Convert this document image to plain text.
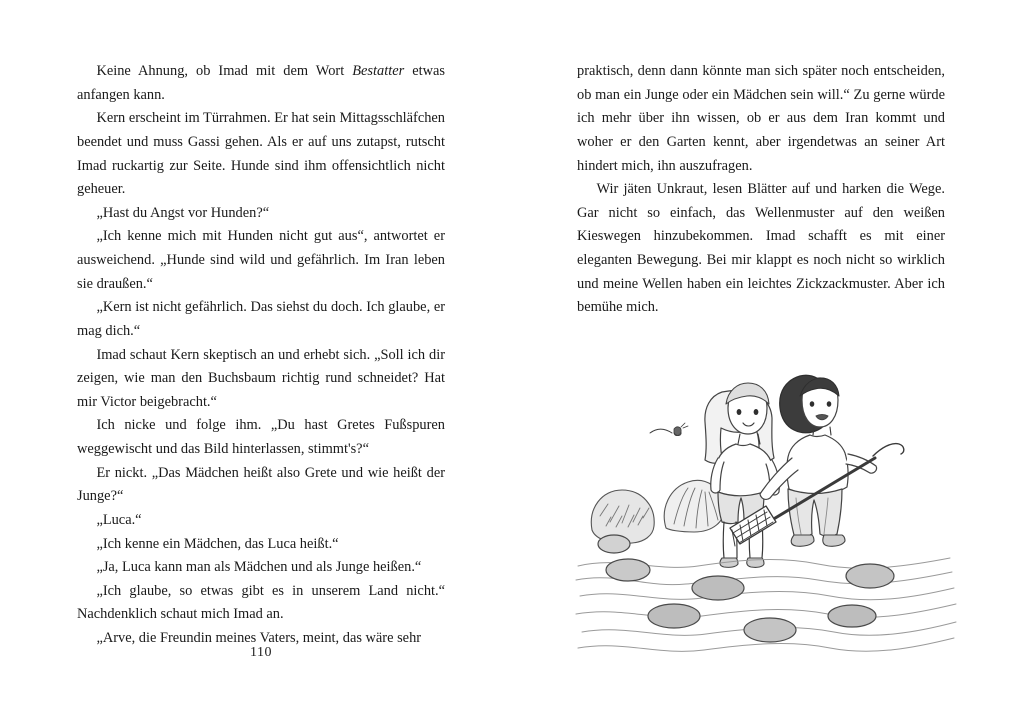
Keine Ahnung, ob Imad mit dem Wort Bestatter etwas anfangen kann.

Kern erscheint im Türrahmen. Er hat sein Mittagsschläfchen beendet und muss Gassi gehen. Als er auf uns zutapst, rutscht Imad ruckartig zur Seite. Hunde sind ihm offensichtlich nicht geheuer.

„Hast du Angst vor Hunden?“

„Ich kenne mich mit Hunden nicht gut aus“, antwortet er ausweichend. „Hunde sind wild und gefährlich. Im Iran leben sie draußen.“

„Kern ist nicht gefährlich. Das siehst du doch. Ich glaube, er mag dich.“

Imad schaut Kern skeptisch an und erhebt sich. „Soll ich dir zeigen, wie man den Buchsbaum richtig rund schneidet? Hat mir Victor beigebracht.“

Ich nicke und folge ihm. „Du hast Gretes Fußspuren weggewischt und das Bild hinterlassen, stimmt's?“

Er nickt. „Das Mädchen heißt also Grete und wie heißt der Junge?“

„Luca.“

„Ich kenne ein Mädchen, das Luca heißt.“

„Ja, Luca kann man als Mädchen und als Junge heißen.“

„Ich glaube, so etwas gibt es in unserem Land nicht.“ Nachdenklich schaut mich Imad an.

„Arve, die Freundin meines Vaters, meint, das wäre sehr

praktisch, denn dann könnte man sich später noch entscheiden, ob man ein Junge oder ein Mädchen sein will.“ Zu gerne würde ich mehr über ihn wissen, ob er aus dem Iran kommt und woher er den Garten kennt, aber irgendetwas an seiner Art hindert mich, ihn auszufragen.

Wir jäten Unkraut, lesen Blätter auf und harken die Wege. Gar nicht so einfach, das Wellenmuster auf den weißen Kieswegen hinzubekommen. Imad schafft es mit einer eleganten Bewegung. Bei mir klappt es noch nicht so wirklich und meine Wellen haben ein leichtes Zickzackmuster. Aber ich bemühe mich.

110
